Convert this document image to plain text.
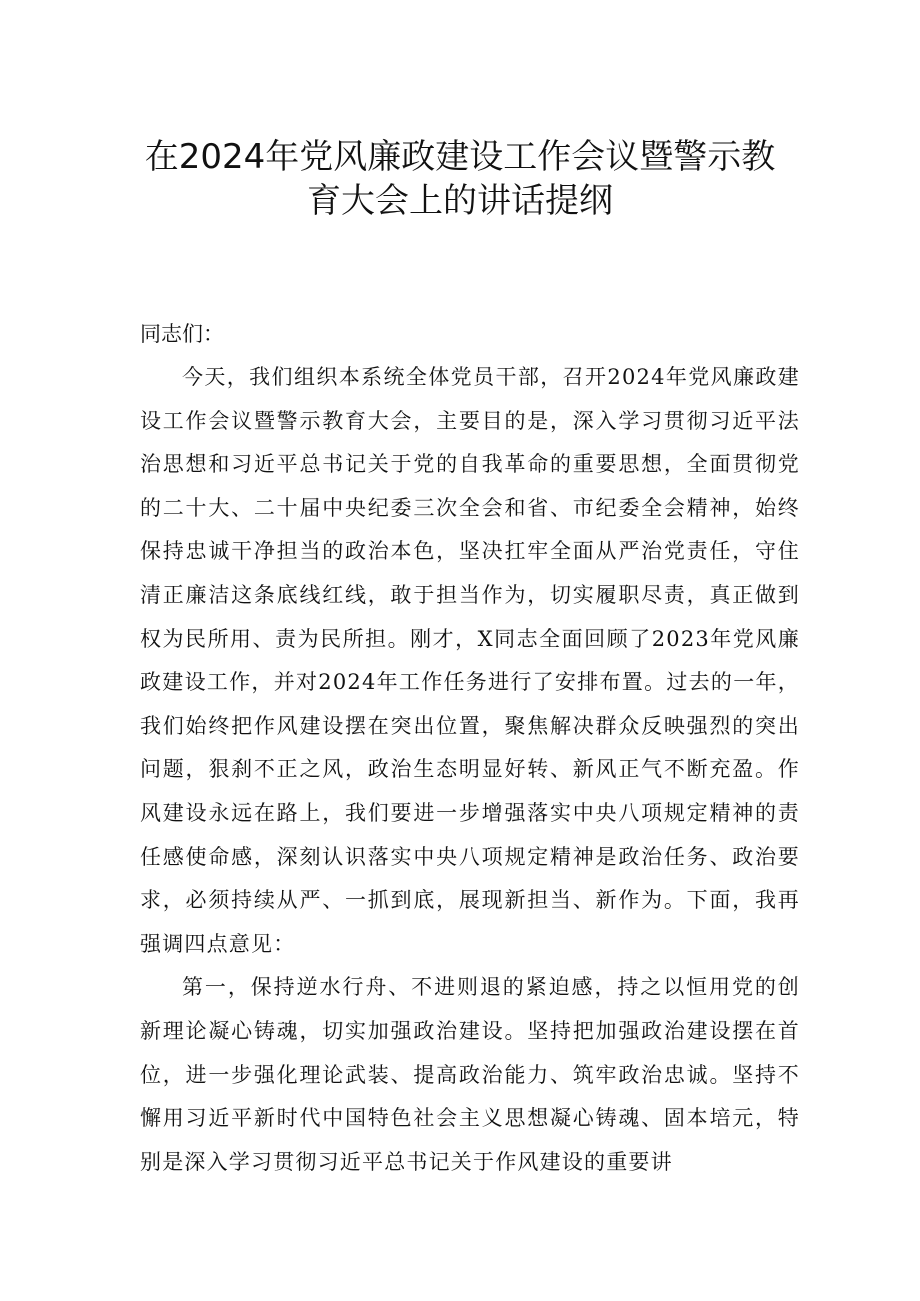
在2024年党风廉政建设工作会议暨警示教
育大会上的讲话提纲
同志们：

今天，我们组织本系统全体党员干部，召开2024年党风廉政建设工作会议暨警示教育大会，主要目的是，深入学习贯彻习近平法治思想和习近平总书记关于党的自我革命的重要思想，全面贯彻党的二十大、二十届中央纪委三次全会和省、市纪委全会精神，始终保持忠诚干净担当的政治本色，坚决扛牢全面从严治党责任，守住清正廉洁这条底线红线，敢于担当作为，切实履职尽责，真正做到权为民所用、责为民所担。刚才，X同志全面回顾了2023年党风廉政建设工作，并对2024年工作任务进行了安排布置。过去的一年，我们始终把作风建设摆在突出位置，聚焦解决群众反映强烈的突出问题，狠刹不正之风，政治生态明显好转、新风正气不断充盈。作风建设永远在路上，我们要进一步增强落实中央八项规定精神的责任感使命感，深刻认识落实中央八项规定精神是政治任务、政治要求，必须持续从严、一抓到底，展现新担当、新作为。下面，我再强调四点意见：

第一，保持逆水行舟、不进则退的紧迫感，持之以恒用党的创新理论凝心铸魂，切实加强政治建设。坚持把加强政治建设摆在首位，进一步强化理论武装、提高政治能力、筑牢政治忠诚。坚持不懈用习近平新时代中国特色社会主义思想凝心铸魂、固本培元，特别是深入学习贯彻习近平总书记关于作风建设的重要讲
